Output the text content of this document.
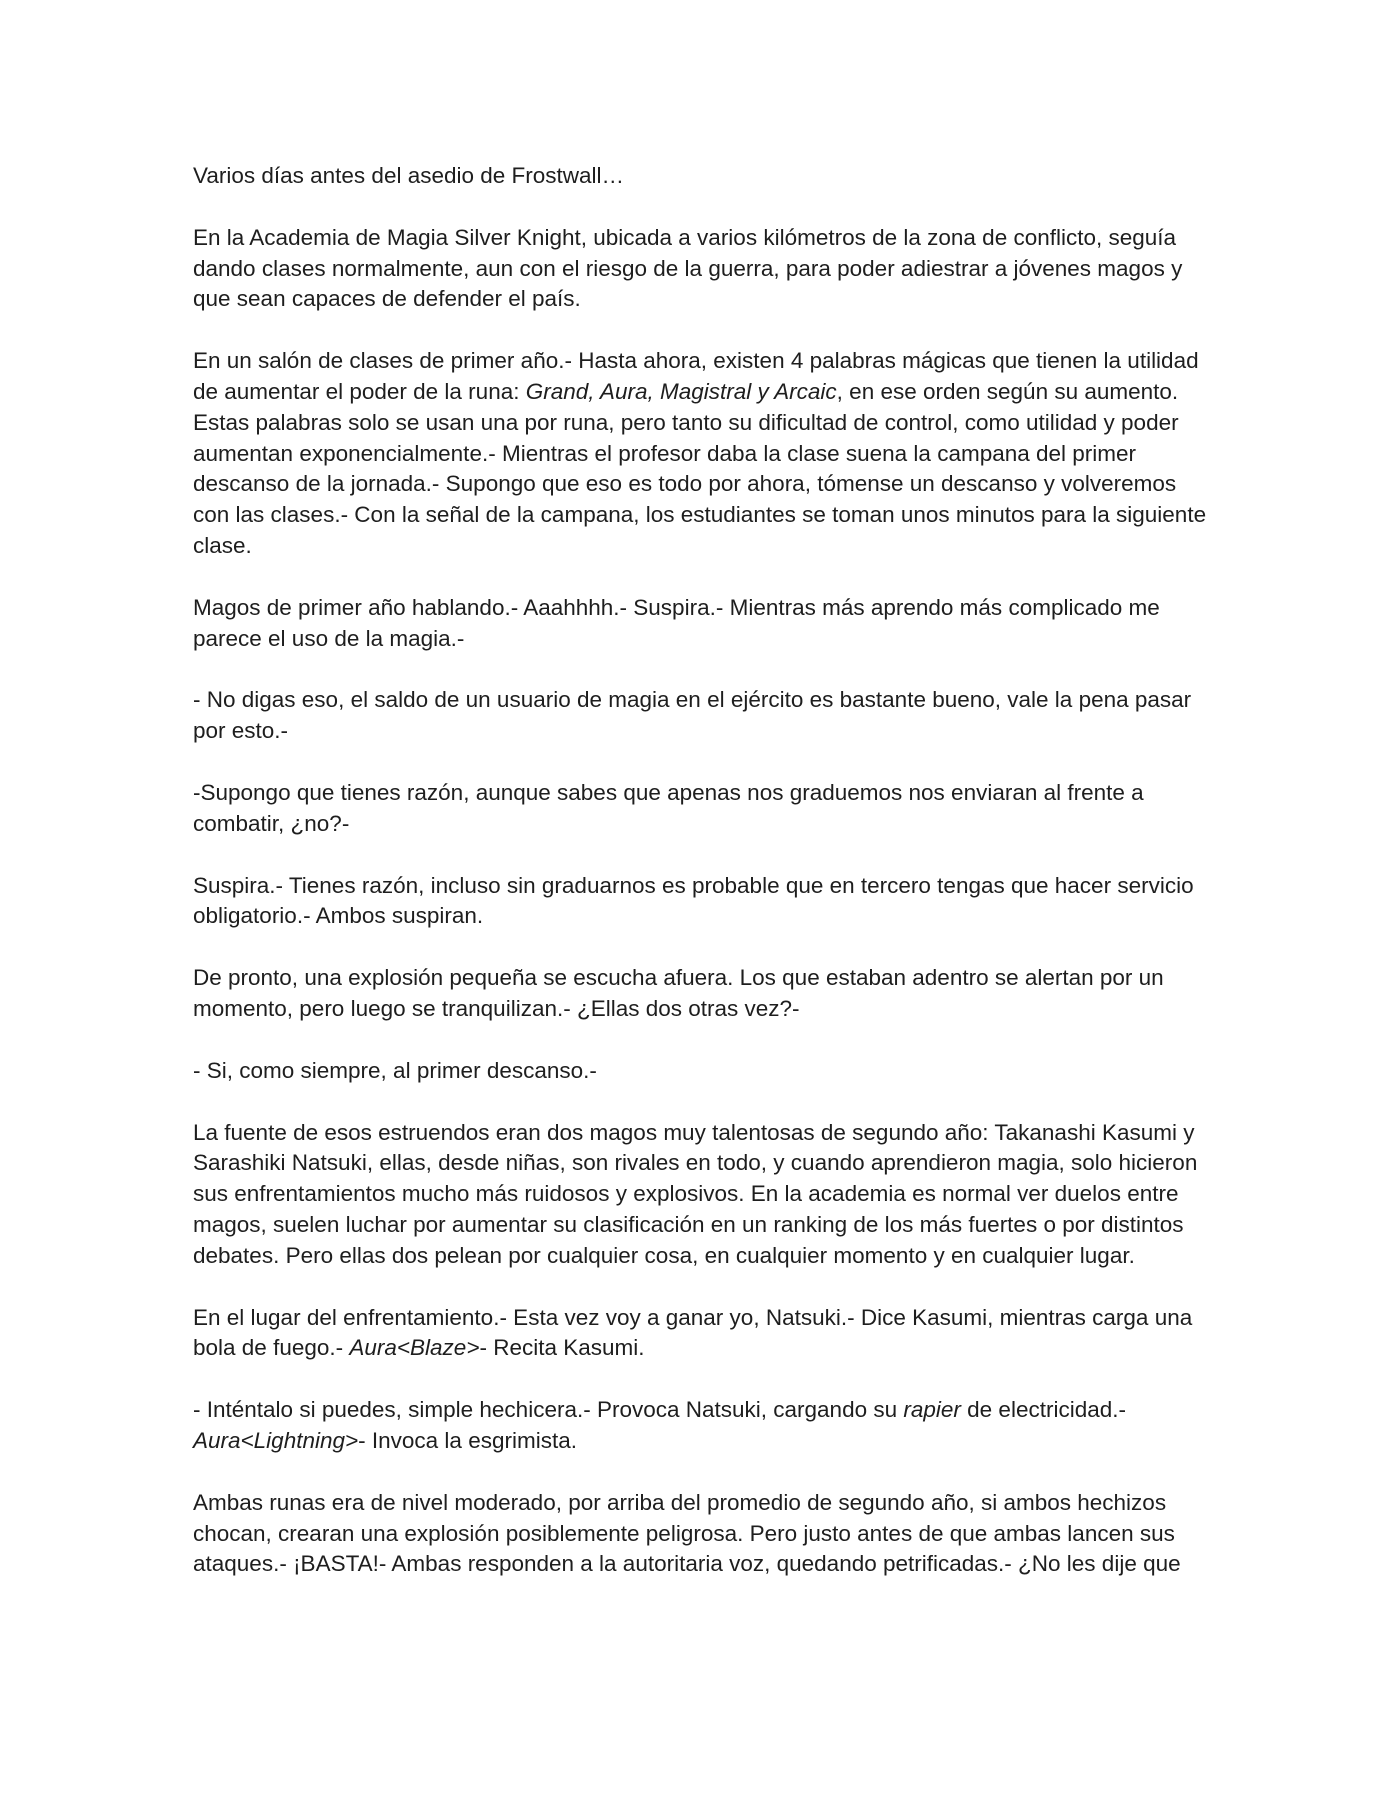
Varios días antes del asedio de Frostwall…

En la Academia de Magia Silver Knight, ubicada a varios kilómetros de la zona de conflicto, seguía dando clases normalmente, aun con el riesgo de la guerra, para poder adiestrar a jóvenes magos y que sean capaces de defender el país.

En un salón de clases de primer año.- Hasta ahora, existen 4 palabras mágicas que tienen la utilidad de aumentar el poder de la runa: Grand, Aura, Magistral y Arcaic, en ese orden según su aumento. Estas palabras solo se usan una por runa, pero tanto su dificultad de control, como utilidad y poder aumentan exponencialmente.- Mientras el profesor daba la clase suena la campana del primer descanso de la jornada.- Supongo que eso es todo por ahora, tómense un descanso y volveremos con las clases.- Con la señal de la campana, los estudiantes se toman unos minutos para la siguiente clase.

Magos de primer año hablando.- Aaahhhh.- Suspira.- Mientras más aprendo más complicado me parece el uso de la magia.-

- No digas eso, el saldo de un usuario de magia en el ejército es bastante bueno, vale la pena pasar por esto.-

-Supongo que tienes razón, aunque sabes que apenas nos graduemos nos enviaran al frente a combatir, ¿no?-

Suspira.- Tienes razón, incluso sin graduarnos es probable que en tercero tengas que hacer servicio obligatorio.- Ambos suspiran.

De pronto, una explosión pequeña se escucha afuera. Los que estaban adentro se alertan por un momento, pero luego se tranquilizan.- ¿Ellas dos otras vez?-

- Si, como siempre, al primer descanso.-

La fuente de esos estruendos eran dos magos muy talentosas de segundo año: Takanashi Kasumi y Sarashiki Natsuki, ellas, desde niñas, son rivales en todo, y cuando aprendieron magia, solo hicieron sus enfrentamientos mucho más ruidosos y explosivos. En la academia es normal ver duelos entre magos, suelen luchar por aumentar su clasificación en un ranking de los más fuertes o por distintos debates. Pero ellas dos pelean por cualquier cosa, en cualquier momento y en cualquier lugar.

En el lugar del enfrentamiento.- Esta vez voy a ganar yo, Natsuki.- Dice Kasumi, mientras carga una bola de fuego.- Aura<Blaze>- Recita Kasumi.

- Inténtalo si puedes, simple hechicera.- Provoca Natsuki, cargando su rapier de electricidad.- Aura<Lightning>- Invoca la esgrimista.

Ambas runas era de nivel moderado, por arriba del promedio de segundo año, si ambos hechizos chocan, crearan una explosión posiblemente peligrosa. Pero justo antes de que ambas lancen sus ataques.- ¡BASTA!- Ambas responden a la autoritaria voz, quedando petrificadas.- ¿No les dije que
